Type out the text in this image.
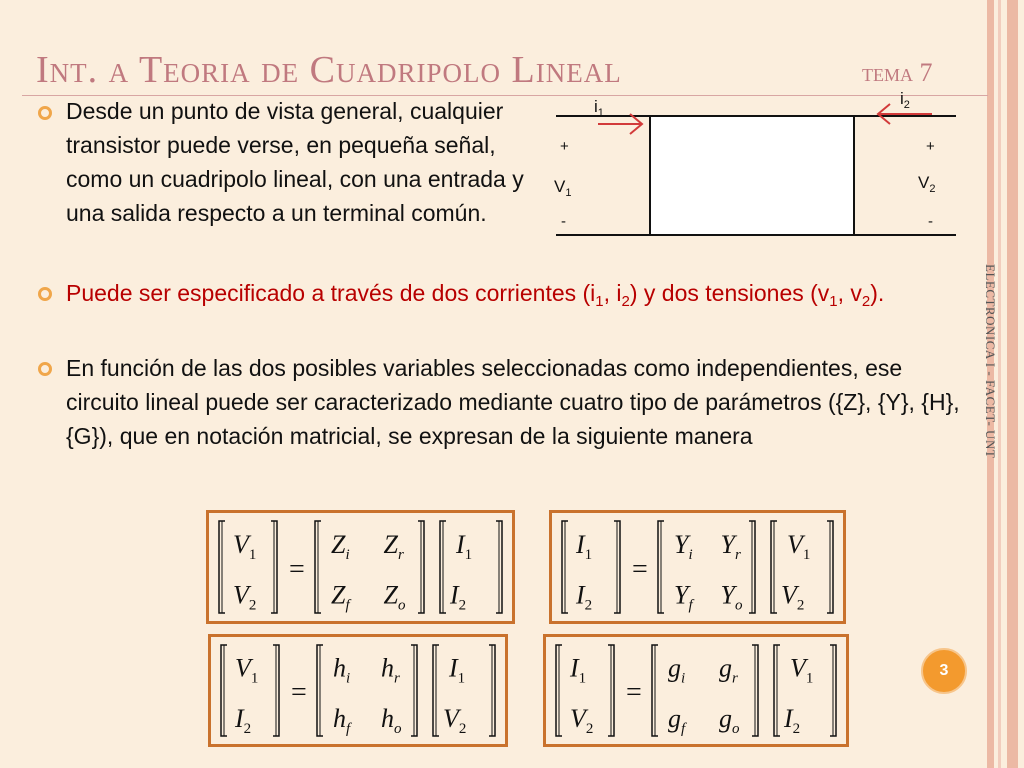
Int. a Teoria de Cuadripolo Lineal	tema 7
ELECTRONICA I - FACET- UNT
Desde un punto de vista general, cualquier transistor puede verse, en pequeña señal, como un cuadripolo lineal, con una entrada y una salida respecto a un terminal común.
$i_1$
$i_2$
+	+
$V_1$
$V_2$
-	-
Puede ser especificado a través de dos corrientes ($i_1$, $i_2$) y dos tensiones ($v_1$, $v_2$).
En función de las dos posibles variables seleccionadas como independientes, ese circuito lineal puede ser caracterizado mediante cuatro tipo de parámetros ({Z}, {Y}, {H}, {G}), que en notación matricial, se expresan de la siguiente manera
$V_1$
$V_2$
=
$Z_i$ $Z_r$
$Z_f$ $Z_o$
$I_1$
$I_2$
$I_1$
$I_2$
=
$Y_i$ $Y_r$
$Y_f$ $Y_o$
$V_1$
$V_2$
$V_1$
$I_2$
=
$h_i$ $h_r$
$h_f$ $h_o$
$I_1$
$V_2$
$I_1$
$V_2$
=
$g_i$ $g_r$
$g_f$ $g_o$
$V_1$
$I_2$
3
